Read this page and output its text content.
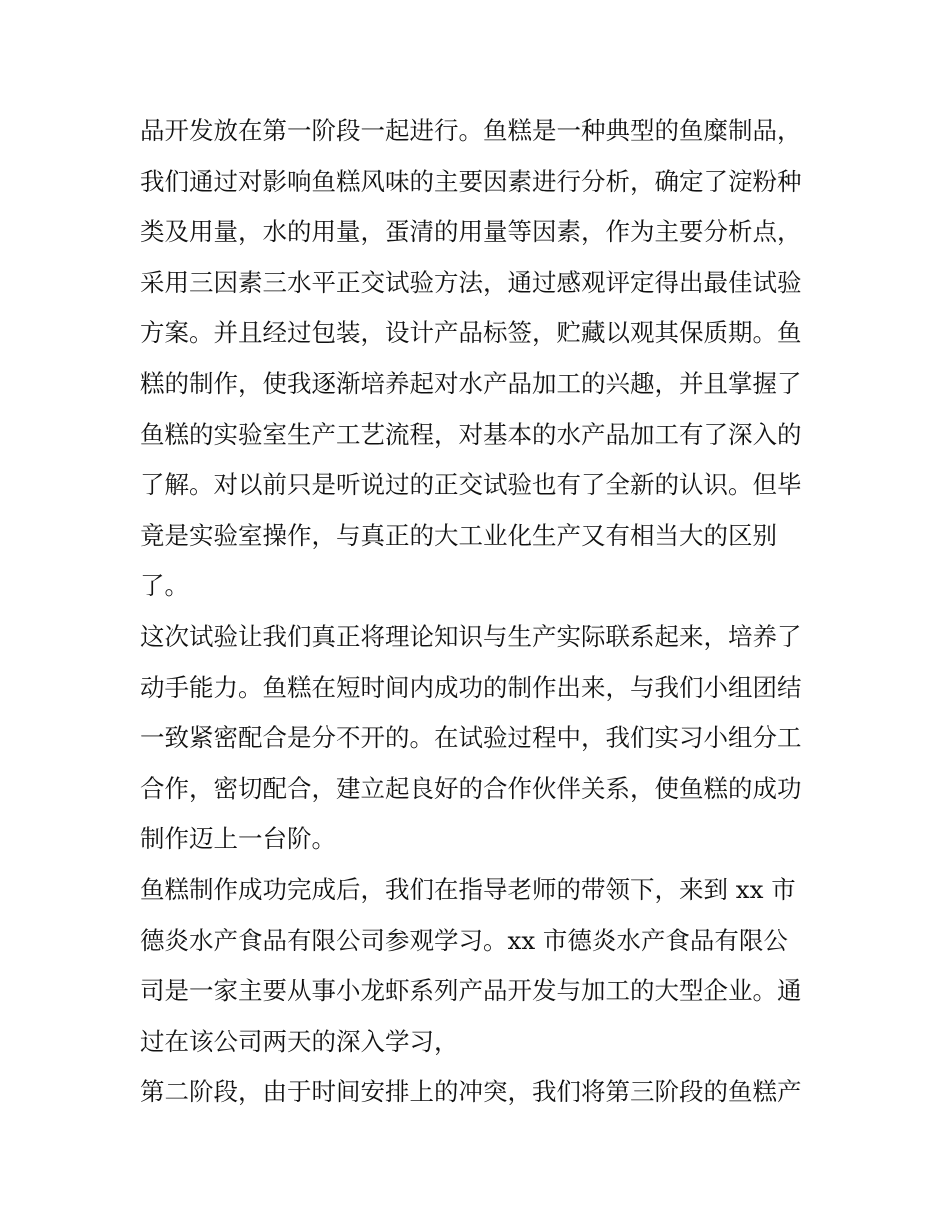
品开发放在第一阶段一起进行。鱼糕是一种典型的鱼糜制品，
我们通过对影响鱼糕风味的主要因素进行分析，确定了淀粉种
类及用量，水的用量，蛋清的用量等因素，作为主要分析点，
采用三因素三水平正交试验方法，通过感观评定得出最佳试验
方案。并且经过包装，设计产品标签，贮藏以观其保质期。鱼
糕的制作，使我逐渐培养起对水产品加工的兴趣，并且掌握了
鱼糕的实验室生产工艺流程，对基本的水产品加工有了深入的
了解。对以前只是听说过的正交试验也有了全新的认识。但毕
竟是实验室操作，与真正的大工业化生产又有相当大的区别
了。
这次试验让我们真正将理论知识与生产实际联系起来，培养了
动手能力。鱼糕在短时间内成功的制作出来，与我们小组团结
一致紧密配合是分不开的。在试验过程中，我们实习小组分工
合作，密切配合，建立起良好的合作伙伴关系，使鱼糕的成功
制作迈上一台阶。
鱼糕制作成功完成后，我们在指导老师的带领下，来到 xx 市
德炎水产食品有限公司参观学习。xx 市德炎水产食品有限公
司是一家主要从事小龙虾系列产品开发与加工的大型企业。通
过在该公司两天的深入学习，
第二阶段，由于时间安排上的冲突，我们将第三阶段的鱼糕产
